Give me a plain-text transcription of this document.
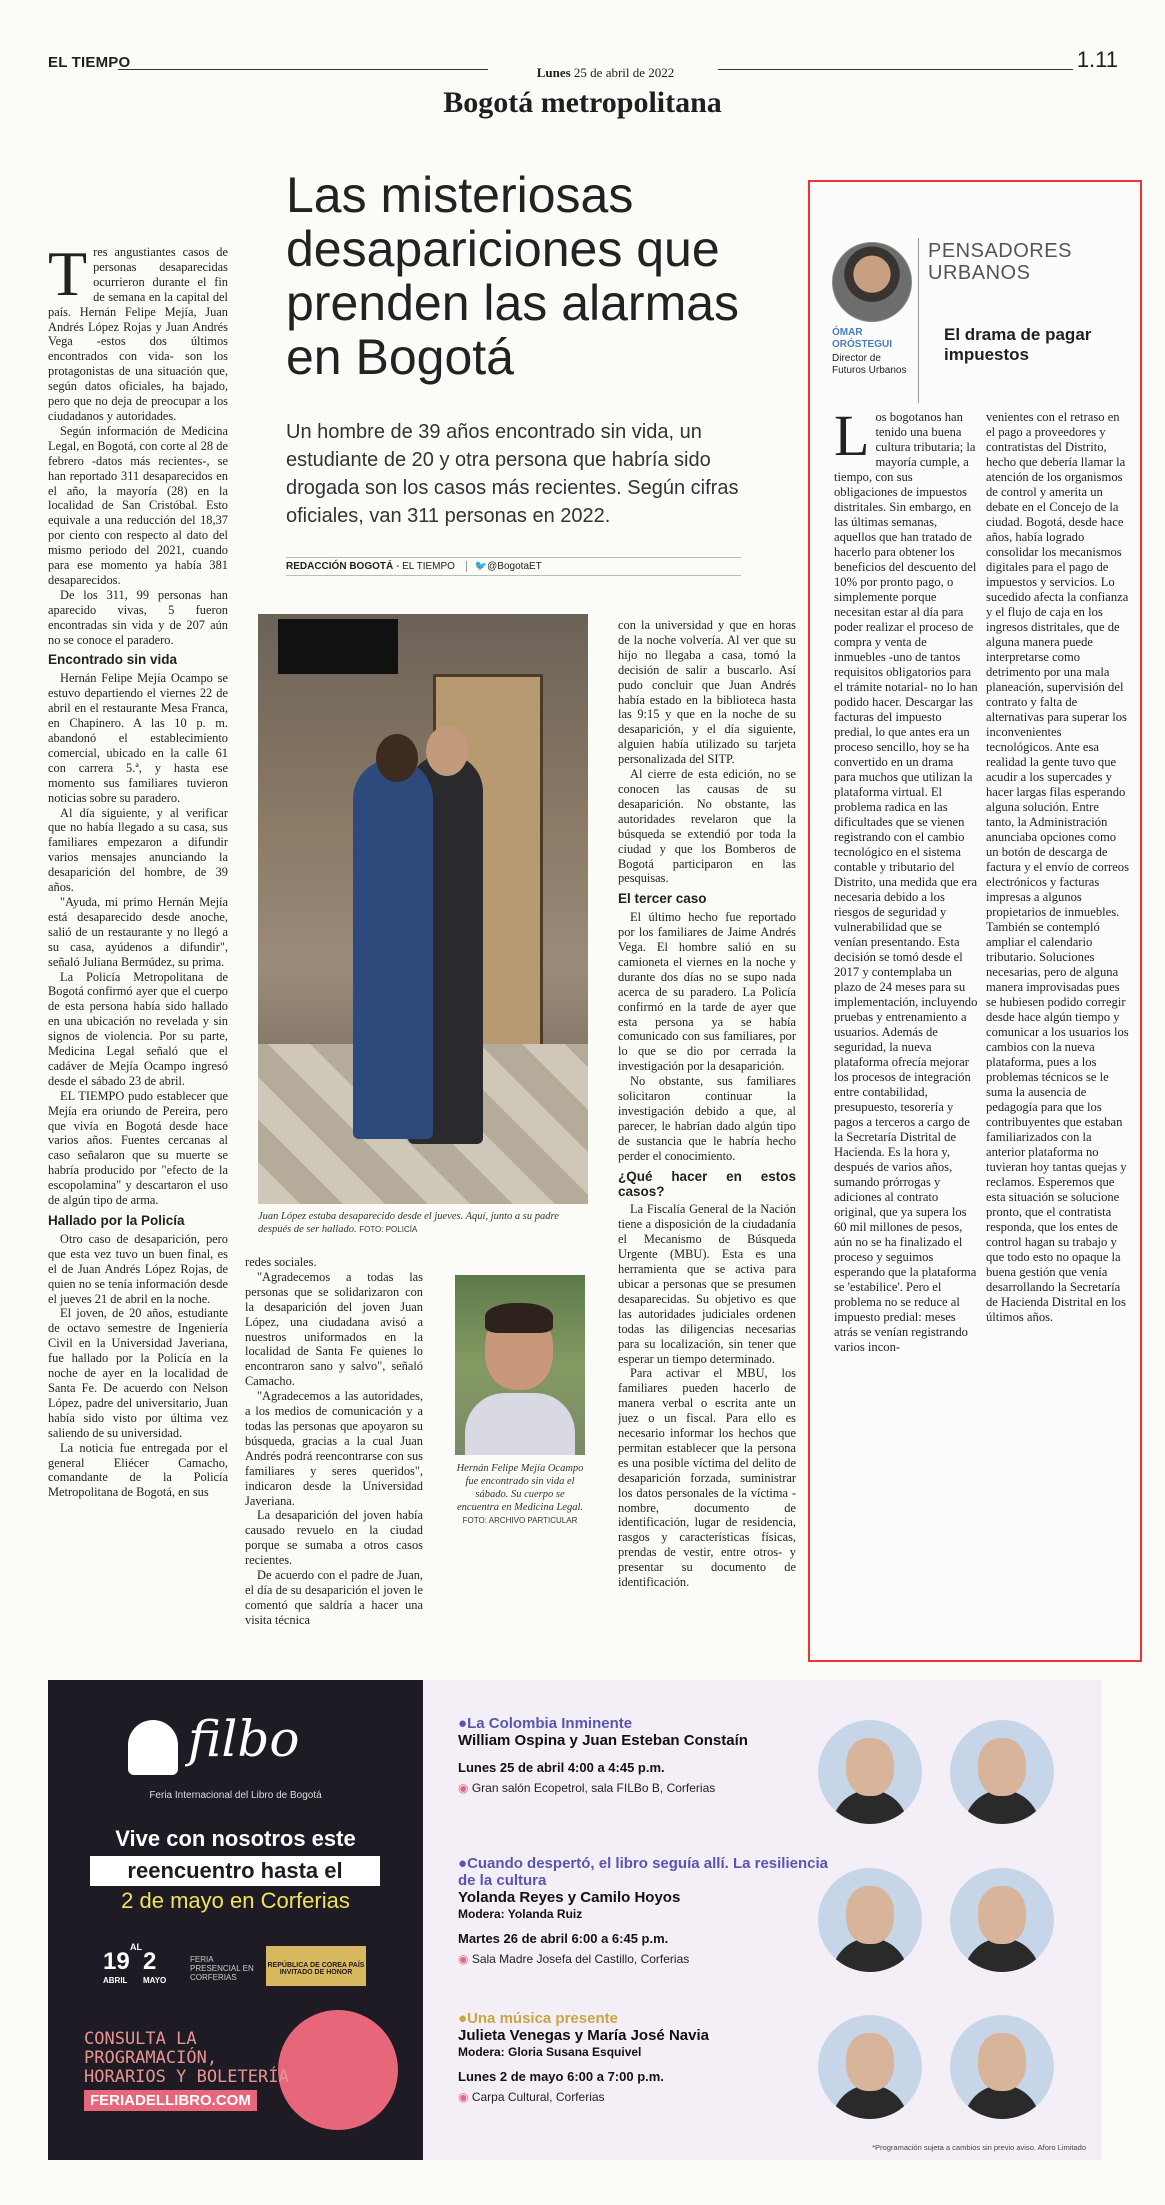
EL TIEMPO
Lunes 25 de abril de 2022
1.11
Bogotá metropolitana
Las misteriosas desapariciones que prenden las alarmas en Bogotá
Un hombre de 39 años encontrado sin vida, un estudiante de 20 y otra persona que habría sido drogada son los casos más recientes. Según cifras oficiales, van 311 personas en 2022.
REDACCIÓN BOGOTÁ - EL TIEMPO 🐦@BogotaET

Tres angustiantes casos de personas desaparecidas ocurrieron durante el fin de semana en la capital del país. Hernán Felipe Mejía, Juan Andrés López Rojas y Juan Andrés Vega -estos dos últimos encontrados con vida- son los protagonistas de una situación que, según datos oficiales, ha bajado, pero que no deja de preocupar a los ciudadanos y autoridades.

Según información de Medicina Legal, en Bogotá, con corte al 28 de febrero -datos más recientes-, se han reportado 311 desaparecidos en el año, la mayoría (28) en la localidad de San Cristóbal. Esto equivale a una reducción del 18,37 por ciento con respecto al dato del mismo periodo del 2021, cuando para ese momento ya había 381 desaparecidos.

De los 311, 99 personas han aparecido vivas, 5 fueron encontradas sin vida y de 207 aún no se conoce el paradero.

Encontrado sin vida

Hernán Felipe Mejía Ocampo se estuvo departiendo el viernes 22 de abril en el restaurante Mesa Franca, en Chapinero. A las 10 p. m. abandonó el establecimiento comercial, ubicado en la calle 61 con carrera 5.ª, y hasta ese momento sus familiares tuvieron noticias sobre su paradero.

Al día siguiente, y al verificar que no había llegado a su casa, sus familiares empezaron a difundir varios mensajes anunciando la desaparición del hombre, de 39 años.

"Ayuda, mi primo Hernán Mejía está desaparecido desde anoche, salió de un restaurante y no llegó a su casa, ayúdenos a difundir", señaló Juliana Bermúdez, su prima.

La Policía Metropolitana de Bogotá confirmó ayer que el cuerpo de esta persona había sido hallado en una ubicación no revelada y sin signos de violencia. Por su parte, Medicina Legal señaló que el cadáver de Mejía Ocampo ingresó desde el sábado 23 de abril.

EL TIEMPO pudo establecer que Mejía era oriundo de Pereira, pero que vivía en Bogotá desde hace varios años. Fuentes cercanas al caso señalaron que su muerte se habría producido por "efecto de la escopolamina" y descartaron el uso de algún tipo de arma.

Hallado por la Policía

Otro caso de desaparición, pero que esta vez tuvo un buen final, es el de Juan Andrés López Rojas, de quien no se tenía información desde el jueves 21 de abril en la noche.

El joven, de 20 años, estudiante de octavo semestre de Ingeniería Civil en la Universidad Javeriana, fue hallado por la Policía en la noche de ayer en la localidad de Santa Fe. De acuerdo con Nelson López, padre del universitario, Juan había sido visto por última vez saliendo de su universidad.

La noticia fue entregada por el general Eliécer Camacho, comandante de la Policía Metropolitana de Bogotá, en sus

Juan López estaba desaparecido desde el jueves. Aquí, junto a su padre después de ser hallado. FOTO: POLICÍA

redes sociales.

"Agradecemos a todas las personas que se solidarizaron con la desaparición del joven Juan López, una ciudadana avisó a nuestros uniformados en la localidad de Santa Fe quienes lo encontraron sano y salvo", señaló Camacho.

"Agradecemos a las autoridades, a los medios de comunicación y a todas las personas que apoyaron su búsqueda, gracias a la cual Juan Andrés podrá reencontrarse con sus familiares y seres queridos", indicaron desde la Universidad Javeriana.

La desaparición del joven había causado revuelo en la ciudad porque se sumaba a otros casos recientes.

De acuerdo con el padre de Juan, el día de su desaparición el joven le comentó que saldría a hacer una visita técnica

Hernán Felipe Mejía Ocampo fue encontrado sin vida el sábado. Su cuerpo se encuentra en Medicina Legal.
FOTO: ARCHIVO PARTICULAR

con la universidad y que en horas de la noche volvería. Al ver que su hijo no llegaba a casa, tomó la decisión de salir a buscarlo. Así pudo concluir que Juan Andrés había estado en la biblioteca hasta las 9:15 y que en la noche de su desaparición, y el día siguiente, alguien había utilizado su tarjeta personalizada del SITP.

Al cierre de esta edición, no se conocen las causas de su desaparición. No obstante, las autoridades revelaron que la búsqueda se extendió por toda la ciudad y que los Bomberos de Bogotá participaron en las pesquisas.

El tercer caso

El último hecho fue reportado por los familiares de Jaime Andrés Vega. El hombre salió en su camioneta el viernes en la noche y durante dos días no se supo nada acerca de su paradero. La Policía confirmó en la tarde de ayer que esta persona ya se había comunicado con sus familiares, por lo que se dio por cerrada la investigación por la desaparición.

No obstante, sus familiares solicitaron continuar la investigación debido a que, al parecer, le habrían dado algún tipo de sustancia que le habría hecho perder el conocimiento.

¿Qué hacer en estos casos?

La Fiscalía General de la Nación tiene a disposición de la ciudadanía el Mecanismo de Búsqueda Urgente (MBU). Esta es una herramienta que se activa para ubicar a personas que se presumen desaparecidas. Su objetivo es que las autoridades judiciales ordenen todas las diligencias necesarias para su localización, sin tener que esperar un tiempo determinado.

Para activar el MBU, los familiares pueden hacerlo de manera verbal o escrita ante un juez o un fiscal. Para ello es necesario informar los hechos que permitan establecer que la persona es una posible víctima del delito de desaparición forzada, suministrar los datos personales de la víctima -nombre, documento de identificación, lugar de residencia, rasgos y características físicas, prendas de vestir, entre otros- y presentar su documento de identificación.

PENSADORES URBANOS
ÓMAR ORÓSTEGUI
Director de Futuros Urbanos
El drama de pagar impuestos

Los bogotanos han tenido una buena cultura tributaria; la mayoría cumple, a tiempo, con sus obligaciones de impuestos distritales. Sin embargo, en las últimas semanas, aquellos que han tratado de hacerlo para obtener los beneficios del descuento del 10% por pronto pago, o simplemente porque necesitan estar al día para poder realizar el proceso de compra y venta de inmuebles -uno de tantos requisitos obligatorios para el trámite notarial- no lo han podido hacer. Descargar las facturas del impuesto predial, lo que antes era un proceso sencillo, hoy se ha convertido en un drama para muchos que utilizan la plataforma virtual. El problema radica en las dificultades que se vienen registrando con el cambio tecnológico en el sistema contable y tributario del Distrito, una medida que era necesaria debido a los riesgos de seguridad y vulnerabilidad que se venían presentando. Esta decisión se tomó desde el 2017 y contemplaba un plazo de 24 meses para su implementación, incluyendo pruebas y entrenamiento a usuarios. Además de seguridad, la nueva plataforma ofrecía mejorar los procesos de integración entre contabilidad, presupuesto, tesorería y pagos a terceros a cargo de la Secretaría Distrital de Hacienda. Es la hora y, después de varios años, sumando prórrogas y adiciones al contrato original, que ya supera los 60 mil millones de pesos, aún no se ha finalizado el proceso y seguimos esperando que la plataforma se 'estabilice'. Pero el problema no se reduce al impuesto predial: meses atrás se venían registrando varios incon-

venientes con el retraso en el pago a proveedores y contratistas del Distrito, hecho que debería llamar la atención de los organismos de control y amerita un debate en el Concejo de la ciudad. Bogotá, desde hace años, había logrado consolidar los mecanismos digitales para el pago de impuestos y servicios. Lo sucedido afecta la confianza y el flujo de caja en los ingresos distritales, que de alguna manera puede interpretarse como detrimento por una mala planeación, supervisión del contrato y falta de alternativas para superar los inconvenientes tecnológicos. Ante esa realidad la gente tuvo que acudir a los supercades y hacer largas filas esperando alguna solución. Entre tanto, la Administración anunciaba opciones como un botón de descarga de factura y el envío de correos electrónicos y facturas impresas a algunos propietarios de inmuebles. También se contempló ampliar el calendario tributario. Soluciones necesarias, pero de alguna manera improvisadas pues se hubiesen podido corregir desde hace algún tiempo y comunicar a los usuarios los cambios con la nueva plataforma, pues a los problemas técnicos se le suma la ausencia de pedagogía para que los contribuyentes que estaban familiarizados con la anterior plataforma no tuvieran hoy tantas quejas y reclamos. Esperemos que esta situación se solucione pronto, que el contratista responda, que los entes de control hagan su trabajo y que todo esto no opaque la buena gestión que venía desarrollando la Secretaría de Hacienda Distrital en los últimos años.

filbo
Feria Internacional del Libro de Bogotá
Vive con nosotros este
reencuentro hasta el
2 de mayo en Corferias
19
ABRIL
2
MAYO
AL
FERIA PRESENCIAL EN CORFERIAS
REPÚBLICA DE COREA PAÍS INVITADO DE HONOR
CONSULTA LA PROGRAMACIÓN, HORARIOS Y BOLETERÍA
FERIADELLIBRO.COM
● La Colombia Inminente
William Ospina y Juan Esteban Constaín
Lunes 25 de abril 4:00 a 4:45 p.m.
◉ Gran salón Ecopetrol, sala FILBo B, Corferias
● Cuando despertó, el libro seguía allí. La resiliencia de la cultura
Yolanda Reyes y Camilo Hoyos
Modera: Yolanda Ruiz
Martes 26 de abril 6:00 a 6:45 p.m.
◉ Sala Madre Josefa del Castillo, Corferias
● Una música presente
Julieta Venegas y María José Navia
Modera: Gloria Susana Esquivel
Lunes 2 de mayo 6:00 a 7:00 p.m.
◉ Carpa Cultural, Corferias
*Programación sujeta a cambios sin previo aviso. Aforo Limitado
